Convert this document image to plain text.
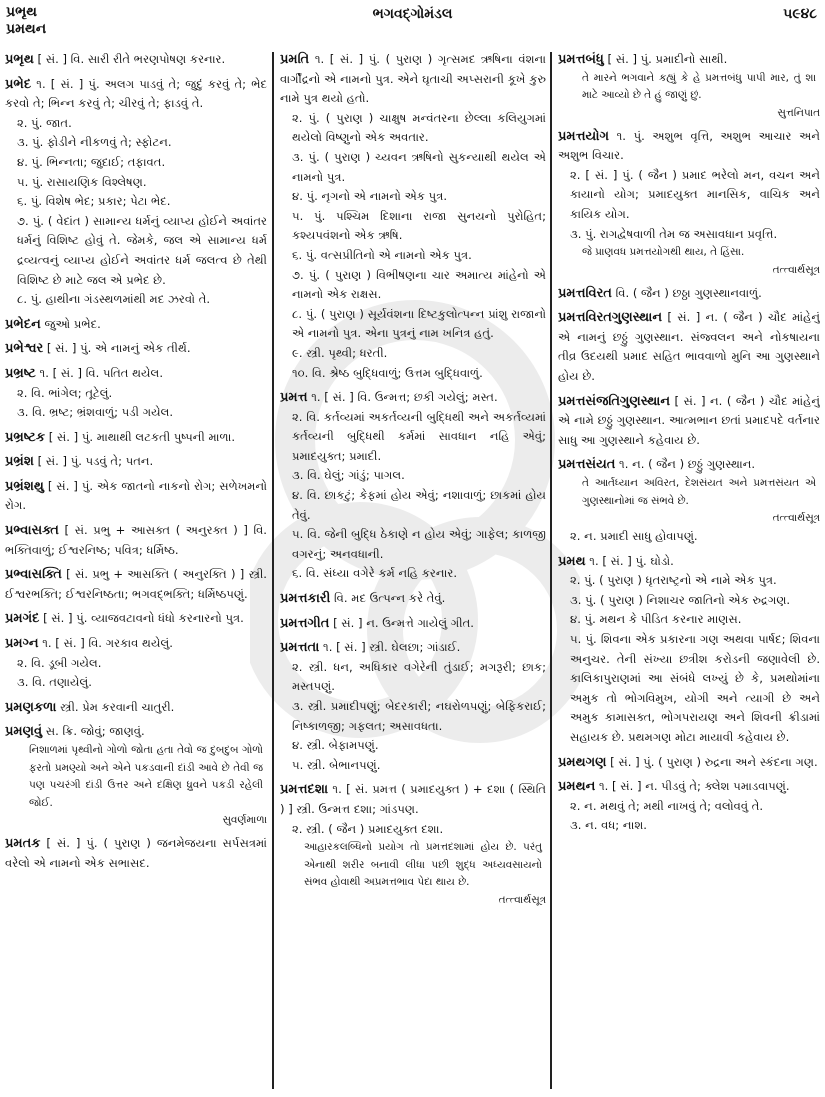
પ્રભૃથ
પ્રમથન
ભગવદ્ગોમંડલ	૫૯૪૮
પ્રભૃથ [ સં. ] વિ. સારી રીતે ભરણપોષણ કરનાર.
પ્રભેદ ૧. [ સં. ] પું. અલગ પાડવું તે; જુદું કરવું તે; ભેદ કરવો તે; ભિન્ન કરવું તે; ચીરવું તે; ફાડવું તે.
૨. પું. જાત.
૩. પું. ફોડીને નીકળવું તે; સ્ફોટન.
૪. પું. ભિન્નતા; જુદાઈ; તફાવત.
૫. પું. રાસાયણિક વિશ્લેષણ.
૬. પું. વિશેષ ભેદ; પ્રકાર; પેટા ભેદ.
૭. પું. ( વેદાંત ) સામાન્ય ધર્મનું વ્યાપ્ય હોઈને અવાંતર ધર્મનું વિશિષ્ટ હોવું તે. જેમકે, જલ એ સામાન્ય ધર્મ દ્રવ્યત્વનું વ્યાપ્ય હોઈને અવાંતર ધર્મ જલત્વ છે તેથી વિશિષ્ટ છે માટે જલ એ પ્રભેદ છે.
૮. પું. હાથીના ગંડસ્થળમાંથી મદ ઝરવો તે.
પ્રભેદન જુઓ પ્રભેદ.
પ્રભેશ્વર [ સં. ] પું. એ નામનું એક તીર્થ.
પ્રભ્રષ્ટ ૧. [ સં. ] વિ. પતિત થયેલ.
૨. વિ. ભાંગેલ; તૂટેલું.
૩. વિ. ભ્રષ્ટ; ભ્રંશવાળું; પડી ગયેલ.
પ્રભ્રષ્ટક [ સં. ] પું. માથાથી લટકતી પુષ્પની માળા.
પ્રભ્રંશ [ સં. ] પું. પડવું તે; પતન.
પ્રભ્રંશથુ [ સં. ] પું. એક જાતનો નાકનો રોગ; સળેખમનો રોગ.
પ્રભ્વાસક્ત [ સં. પ્રભુ + આસક્ત ( અનુરક્ત ) ] વિ. ભક્તિવાળું; ઈશ્વરનિષ્ઠ; પવિત્ર; ધર્મિષ્ઠ.
પ્રભ્વાસક્તિ [ સં. પ્રભુ + આસક્તિ ( અનુરક્તિ ) ] સ્ત્રી. ઈશ્વરભક્તિ; ઈશ્વરનિષ્ઠતા; ભગવદ્ભક્તિ; ધર્મિષ્ઠપણું.
પ્રમગંદ [ સં. ] પું. વ્યાજવટાવનો ધંધો કરનારનો પુત્ર.
પ્રમગ્ન ૧. [ સં. ] વિ. ગરકાવ થયેલું.
૨. વિ. ડૂબી ગયેલ.
૩. વિ. તણાયેલું.
પ્રમણકળા સ્ત્રી. પ્રેમ કરવાની ચાતુરી.
પ્રમણવું સ. ક્રિ. જોવું; જાણવું.
નિશાળમાં પૃથ્વીનો ગોળો જોતા હતા તેવો જ દુબદુબ ગોળો ફરતો પ્રમણ્યો અને એને પકડવાની દાંડી આવે છે તેવી જ પણ પચરંગી દાંડી ઉત્તર અને દક્ષિણ ધ્રુવને પકડી રહેલી જોઈ.
સુવર્ણમાળા
પ્રમતક [ સં. ] પું. ( પુરાણ ) જનમેજયના સર્પસત્રમાં વરેલો એ નામનો એક સભાસદ.
પ્રમતિ ૧. [ સં. ] પું. ( પુરાણ ) ગૃત્સમદ ઋષિના વંશના વાર્ગીંદ્રનો એ નામનો પુત્ર. એને ઘૃતાચી અપ્સરાની કૂખે કુરુ નામે પુત્ર થયો હતો.
૨. પું. ( પુરાણ ) ચાક્ષુષ મન્વંતરના છેલ્લા કલિયુગમાં થયેલો વિષ્ણુનો એક અવતાર.
૩. પું. ( પુરાણ ) ચ્યવન ઋષિનો સુકન્યાથી થયેલ એ નામનો પુત્ર.
૪. પું. નૃગનો એ નામનો એક પુત્ર.
૫. પું. પશ્ચિમ દિશાના રાજા સુનયનો પુરોહિત; કશ્યપવંશનો એક ઋષિ.
૬. પું. વત્સપ્રીતિનો એ નામનો એક પુત્ર.
૭. પું. ( પુરાણ ) વિભીષણના ચાર અમાત્ય માંહેનો એ નામનો એક રાક્ષસ.
૮. પું. ( પુરાણ ) સૂર્યવંશના દિષ્ટકુલોત્પન્ન પ્રાંશુ રાજાનો એ નામનો પુત્ર. એના પુત્રનું નામ ખનિત્ર હતું.
૯. સ્ત્રી. પૃથ્વી; ધરતી.
૧૦. વિ. શ્રેષ્ઠ બુદ્ધિવાળું; ઉત્તમ બુદ્ધિવાળું.
પ્રમત્ત ૧. [ સં. ] વિ. ઉન્મત્ત; છકી ગયેલું; મસ્ત.
૨. વિ. કર્તવ્યમાં અકર્તવ્યની બુદ્ધિથી અને અકર્તવ્યમાં કર્તવ્યની બુદ્ધિથી કર્મમાં સાવધાન નહિ એવું; પ્રમાદયુક્ત; પ્રમાદી.
૩. વિ. ઘેલું; ગાંડું; પાગલ.
૪. વિ. છાકટું; કેફમાં હોય એવું; નશાવાળું; છાકમાં હોય તેવું.
૫. વિ. જેની બુદ્ધિ ઠેકાણે ન હોય એવું; ગાફેલ; કાળજી વગરનું; અનવધાની.
૬. વિ. સંધ્યા વગેરે કર્મ નહિ કરનાર.
પ્રમત્તકારી વિ. મદ ઉત્પન્ન કરે તેવું.
પ્રમત્તગીત [ સં. ] ન. ઉન્મત્તે ગાયેલું ગીત.
પ્રમત્તતા ૧. [ સં. ] સ્ત્રી. ઘેલછા; ગાંડાઈ.
૨. સ્ત્રી. ધન, અધિકાર વગેરેની તુંડાઈ; મગરૂરી; છાક; મસ્તપણું.
૩. સ્ત્રી. પ્રમાદીપણું; બેદરકારી; નઘરોળપણું; બેફિકરાઈ; નિષ્કાળજી; ગફલત; અસાવધતા.
૪. સ્ત્રી. બેફામપણું.
૫. સ્ત્રી. બેભાનપણું.
પ્રમત્તદશા ૧. [ સં. પ્રમત્ત ( પ્રમાદયુક્ત ) + દશા ( સ્થિતિ ) ] સ્ત્રી. ઉન્મત્ત દશા; ગાંડપણ.
૨. સ્ત્રી. ( જૈન ) પ્રમાદયુક્ત દશા.
આહારકલબ્ધિનો પ્રયોગ તો પ્રમત્તદશામાં હોય છે. પરંતુ એનાથી શરીર બનાવી લીધા પછી શુદ્ધ અધ્યવસાયનો સંભવ હોવાથી અપ્રમત્તભાવ પેદા થાય છે.
તત્ત્વાર્થસૂત્ર
પ્રમત્તબંધુ [ સં. ] પું. પ્રમાદીનો સાથી.
તે મારને ભગવાને કહ્યું કે હે પ્રમત્તબંધુ પાપી માર, તું શા માટે આવ્યો છે તે હું જાણું છું.
સુત્તનિપાત
પ્રમત્તયોગ ૧. પું. અશુભ વૃત્તિ, અશુભ આચાર અને અશુભ વિચાર.
૨. [ સં. ] પું. ( જૈન ) પ્રમાદ ભરેલો મન, વચન અને કાયાનો યોગ; પ્રમાદયુક્ત માનસિક, વાચિક અને કાયિક યોગ.
૩. પું. રાગદ્વેષવાળી તેમ જ અસાવધાન પ્રવૃત્તિ.
જે પ્રાણવધ પ્રમત્તયોગથી થાય, તે હિંસા.
તત્ત્વાર્થસૂત્ર
પ્રમત્તવિરત વિ. ( જૈન ) છઠ્ઠા ગુણસ્થાનવાળું.
પ્રમત્તવિરતગુણસ્થાન [ સં. ] ન. ( જૈન ) ચૌદ માંહેનું એ નામનું છઠ્ઠું ગુણસ્થાન. સંજ્વલન અને નોકષાયના તીવ્ર ઉદયથી પ્રમાદ સહિત ભાવવાળો મુનિ આ ગુણસ્થાને હોય છે.
પ્રમત્તસંજતિગુણસ્થાન [ સં. ] ન. ( જૈન ) ચૌદ માંહેનું એ નામે છઠ્ઠું ગુણસ્થાન. આત્મભાન છતાં પ્રમાદપદે વર્તનાર સાધુ આ ગુણસ્થાને કહેવાય છે.
પ્રમત્તસંયત ૧. ન. ( જૈન ) છઠ્ઠું ગુણસ્થાન.
તે આર્તધ્યાન અવિરત, દેશસંયત અને પ્રમત્તસંયત એ ગુણસ્થાનોમાં જ સંભવે છે.
તત્ત્વાર્થસૂત્ર
૨. ન. પ્રમાદી સાધુ હોવાપણું.
પ્રમથ ૧. [ સં. ] પું. ઘોડો.
૨. પું. ( પુરાણ ) ધૃતરાષ્ટ્રનો એ નામે એક પુત્ર.
૩. પું. ( પુરાણ ) નિશાચર જાતિનો એક રુદ્રગણ.
૪. પું. મથન કે પીડિત કરનાર માણસ.
૫. પું. શિવના એક પ્રકારના ગણ અથવા પાર્ષદ; શિવના અનુચર. તેની સંખ્યા છત્રીશ કરોડની જણાવેલી છે. કાલિકાપુરાણમાં આ સંબંધે લખ્યું છે કે, પ્રમથોમાંના અમુક તો ભોગવિમુખ, યોગી અને ત્યાગી છે અને અમુક કામાસક્ત, ભોગપરાયણ અને શિવની ક્રીડામાં સહાયક છે. પ્રથમગણ મોટા માયાવી કહેવાય છે.
પ્રમથગણ [ સં. ] પું. ( પુરાણ ) રુદ્રના અને સ્કંદના ગણ.
પ્રમથન ૧. [ સં. ] ન. પીડવું તે; ક્લેશ પમાડવાપણું.
૨. ન. મથવું તે; મથી નાખવું તે; વલોવવું તે.
૩. ન. વધ; નાશ.
